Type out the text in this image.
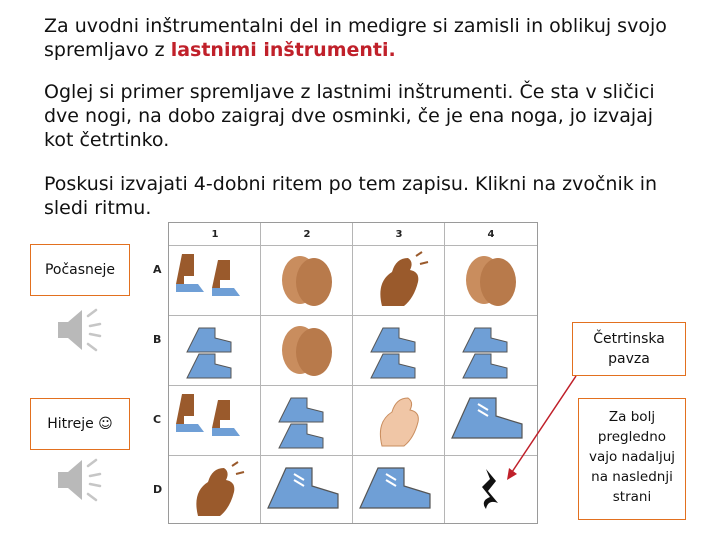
Za uvodni inštrumentalni del in medigre si zamisli in oblikuj svojo spremljavo z lastnimi inštrumenti.

Oglej si primer spremljave z lastnimi inštrumenti. Če sta v sličici dve nogi, na dobo zaigraj dve osminki, če je ena noga, jo izvajaj kot četrtinko.

Poskusi izvajati 4-dobni ritem po tem zapisu. Klikni na zvočnik in sledi ritmu.

1	2	3	4
A
B
C
D
Počasneje
Hitreje ☺
Četrtinska
pavza
Za bolj
pregledno
vajo nadaljuj
na naslednji
strani
